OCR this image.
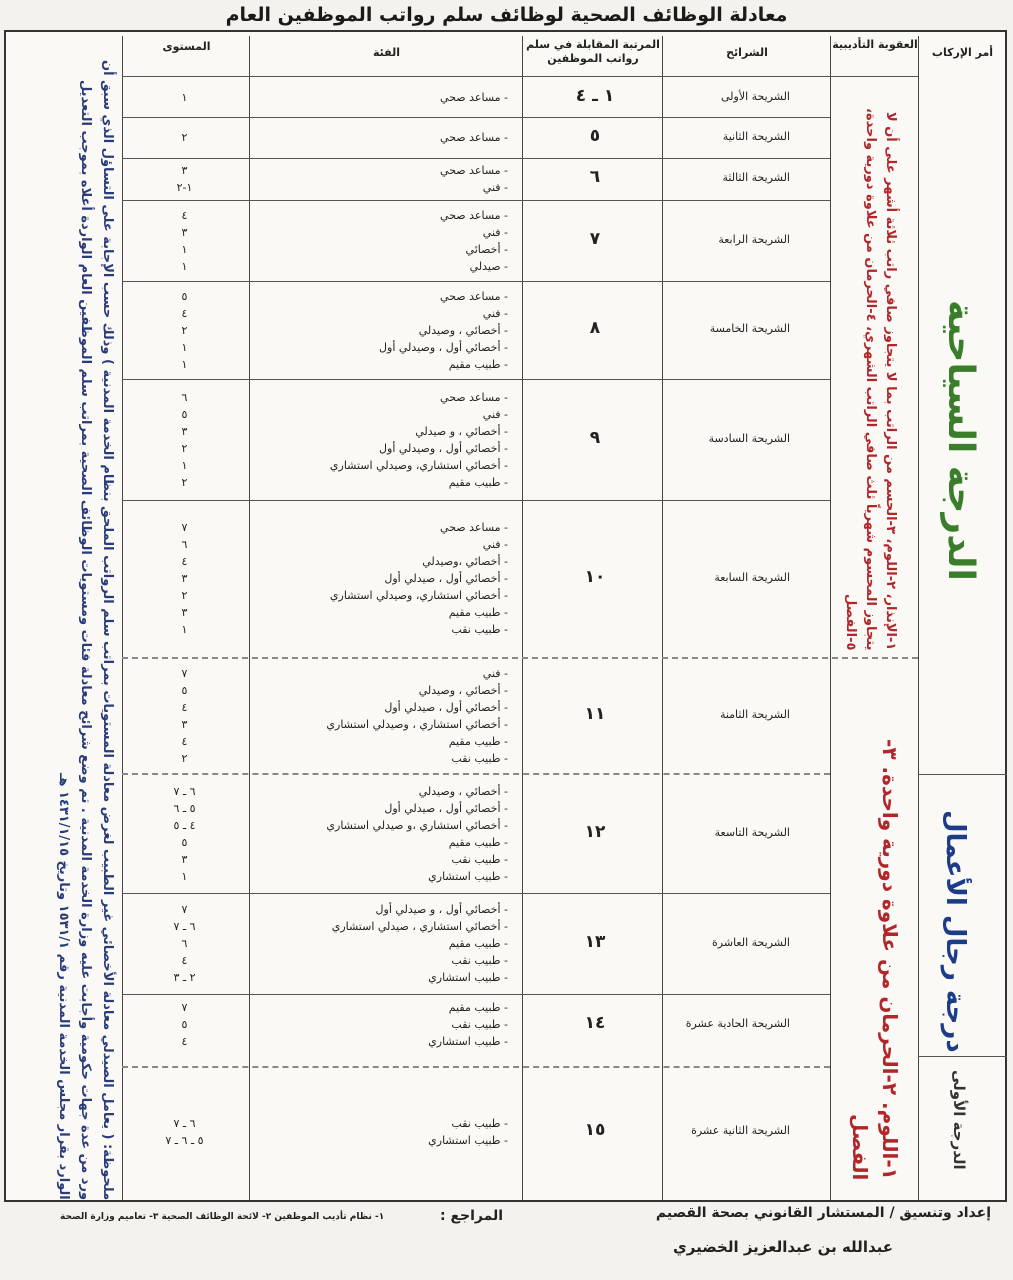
معادلة الوظائف الصحية لوظائف سلم رواتب الموظفين العام
أمر الإركاب
العقوبة التأديبية
الشرائح
المرتبة المقابلة في سلم رواتب الموظفين
الفئة
المستوى
الشريحة الأولى
١ ـ ٤
- مساعد صحي
١
الشريحة الثانية
٥
- مساعد صحي
٢
الشريحة الثالثة
٦
- مساعد صحي
- فني
٣
١-٢
الشريحة الرابعة
٧
- مساعد صحي
- فني
- أخصائي
- صيدلي
٤
٣
١
١
الشريحة الخامسة
٨
- مساعد صحي
- فني
- أخصائي ، وصيدلي
- أخصائي أول ، وصيدلي أول
- طبيب مقيم
٥
٤
٢
١
١
الشريحة السادسة
٩
- مساعد صحي
- فني
- أخصائي ، و صيدلي
- أخصائي أول ، وصيدلي أول
- أخصائي استشاري، وصيدلي استشاري
- طبيب مقيم
٦
٥
٣
٢
١
٢
الشريحة السابعة
١٠
- مساعد صحي
- فني
- أخصائي ،وصيدلي
- أخصائي أول ، صيدلي أول
- أخصائي استشاري، وصيدلي استشاري
- طبيب مقيم
- طبيب نقب
٧
٦
٤
٣
٢
٣
١
الشريحة الثامنة
١١
- فني
- أخصائي ، وصيدلي
- أخصائي أول ، صيدلي أول
- أخصائي استشاري ، وصيدلي استشاري
- طبيب مقيم
- طبيب نقب
٧
٥
٤
٣
٤
٢
الشريحة التاسعة
١٢
- أخصائي ، وصيدلي
- أخصائي أول ، صيدلي أول
- أخصائي استشاري ،و صيدلي استشاري
- طبيب مقيم
- طبيب نقب
- طبيب استشاري
٦ ـ ٧
٥ ـ ٦
٤ ـ ٥
٥
٣
١
الشريحة العاشرة
١٣
- أخصائي أول ، و صيدلي أول
- أخصائي استشاري ، صيدلي استشاري
- طبيب مقيم
- طبيب نقب
- طبيب استشاري
٧
٦ ـ ٧
٦
٤
٢ ـ ٣
الشريحة الحادية عشرة
١٤
- طبيب مقيم
- طبيب نقب
- طبيب استشاري
٧
٥
٤
الشريحة الثانية عشرة
١٥
- طبيب نقب
- طبيب استشاري
٦ ـ ٧
٥ ـ ٦ ـ ٧
١-الإنذار، ٢-اللوم، ٣-الحسم من الراتب بما لا يتجاوز صافي راتب ثلاثة أشهر على أن لا يتجاوز المحسوم شهرياً ثلث صافي الراتب الشهري، ٤-الحرمان من علاوة دورية واحدة، ٥-الفصل
١-اللوم. ٢-الحرمان من علاوة دورية واحدة. ٣-الفصل
الدرجة السياحية
درجة رجال الأعمال
الدرجة الأولى
ملحوظة: ( يعامل الصيدلي معادلة الأخصائي غير الطبيب لغرض معادلة المستويات بمراتب سلم الرواتب الملحق بنظام الخدمة المدنية ) وذلك حسب الإجابة على التساؤل الذي سبق أن ورد من عدة جهات حكومية وأجابت عليه وزارة الخدمة المدنية . تم وضع شرائح معادلة فئات ومستويات الوظائف الصحية بمراتب سلم الموظفين العام الواردة أعلاه بموجب التعديل الوارد بقرار مجلس الخدمة المدنية رقم ١٥٣١/١ وتاريخ ١٤٣١/١/١٥ هـ
إعداد وتنسيق / المستشار القانوني بصحة القصيم
عبدالله بن عبدالعزيز الخضيري
المراجع :
١- نظام تأديب الموظفين ٢- لائحة الوظائف الصحية ٣- تعاميم وزارة الصحة
